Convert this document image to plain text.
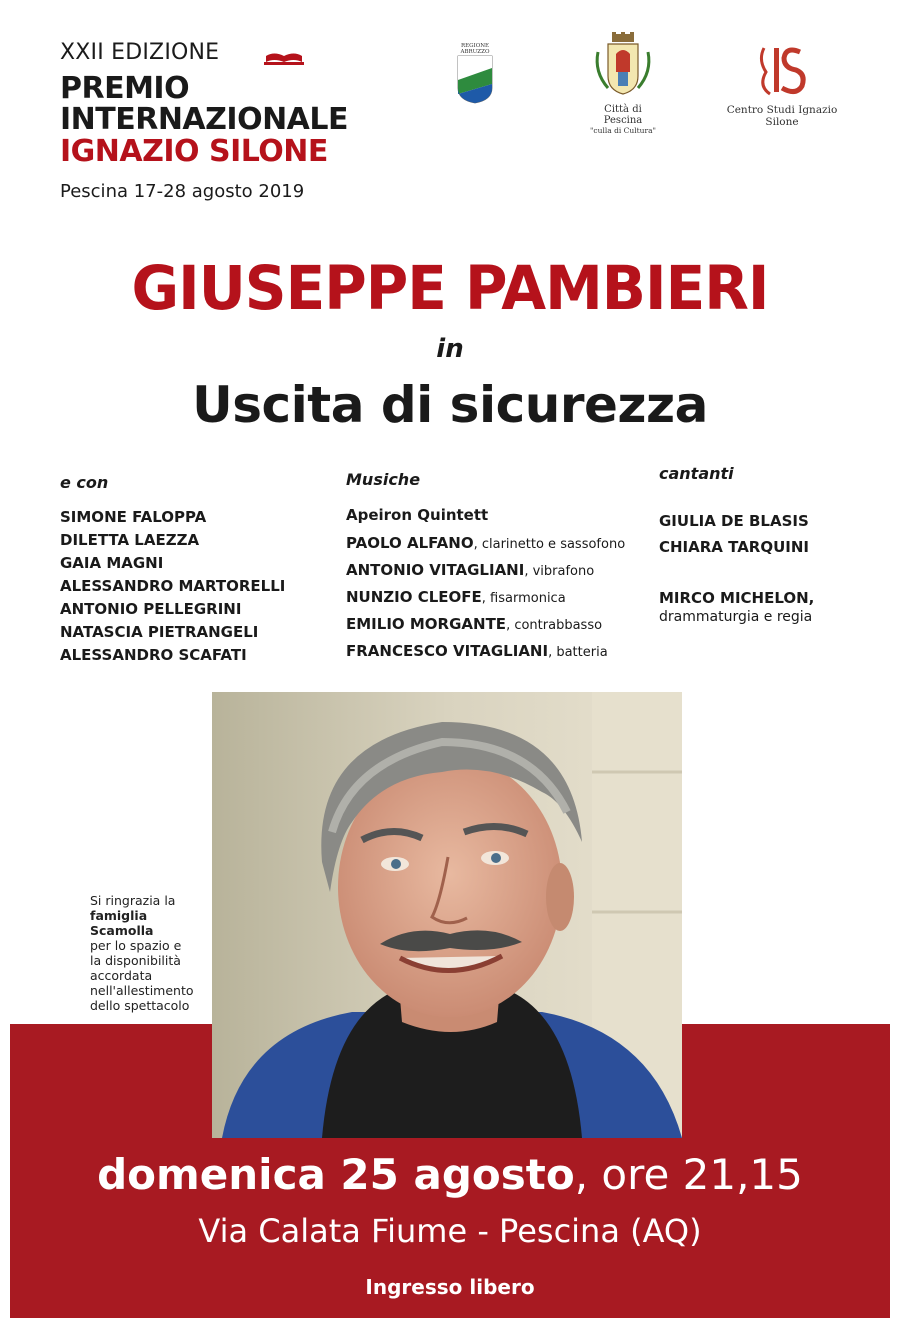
XXII EDIZIONE
PREMIO
INTERNAZIONALE
IGNAZIO SILONE
Pescina 17-28 agosto 2019
REGIONE
ABRUZZO
Città di Pescina
"culla di Cultura"
Centro Studi Ignazio Silone
GIUSEPPE PAMBIERI
in
Uscita di sicurezza
e con	Musiche	cantanti
SIMONE FALOPPA
DILETTA LAEZZA
GAIA MAGNI
ALESSANDRO MARTORELLI
ANTONIO PELLEGRINI
NATASCIA PIETRANGELI
ALESSANDRO SCAFATI
Apeiron Quintett
PAOLO ALFANO, clarinetto e sassofono
ANTONIO VITAGLIANI, vibrafono
NUNZIO CLEOFE, fisarmonica
EMILIO MORGANTE, contrabbasso
FRANCESCO VITAGLIANI, batteria
GIULIA DE BLASIS
CHIARA TARQUINI
MIRCO MICHELON,
drammaturgia e regia
Si ringrazia la
famiglia Scamolla
per lo spazio e
la disponibilità
accordata
nell'allestimento
dello spettacolo
domenica 25 agosto, ore 21,15
Via Calata Fiume - Pescina (AQ)
Ingresso libero
